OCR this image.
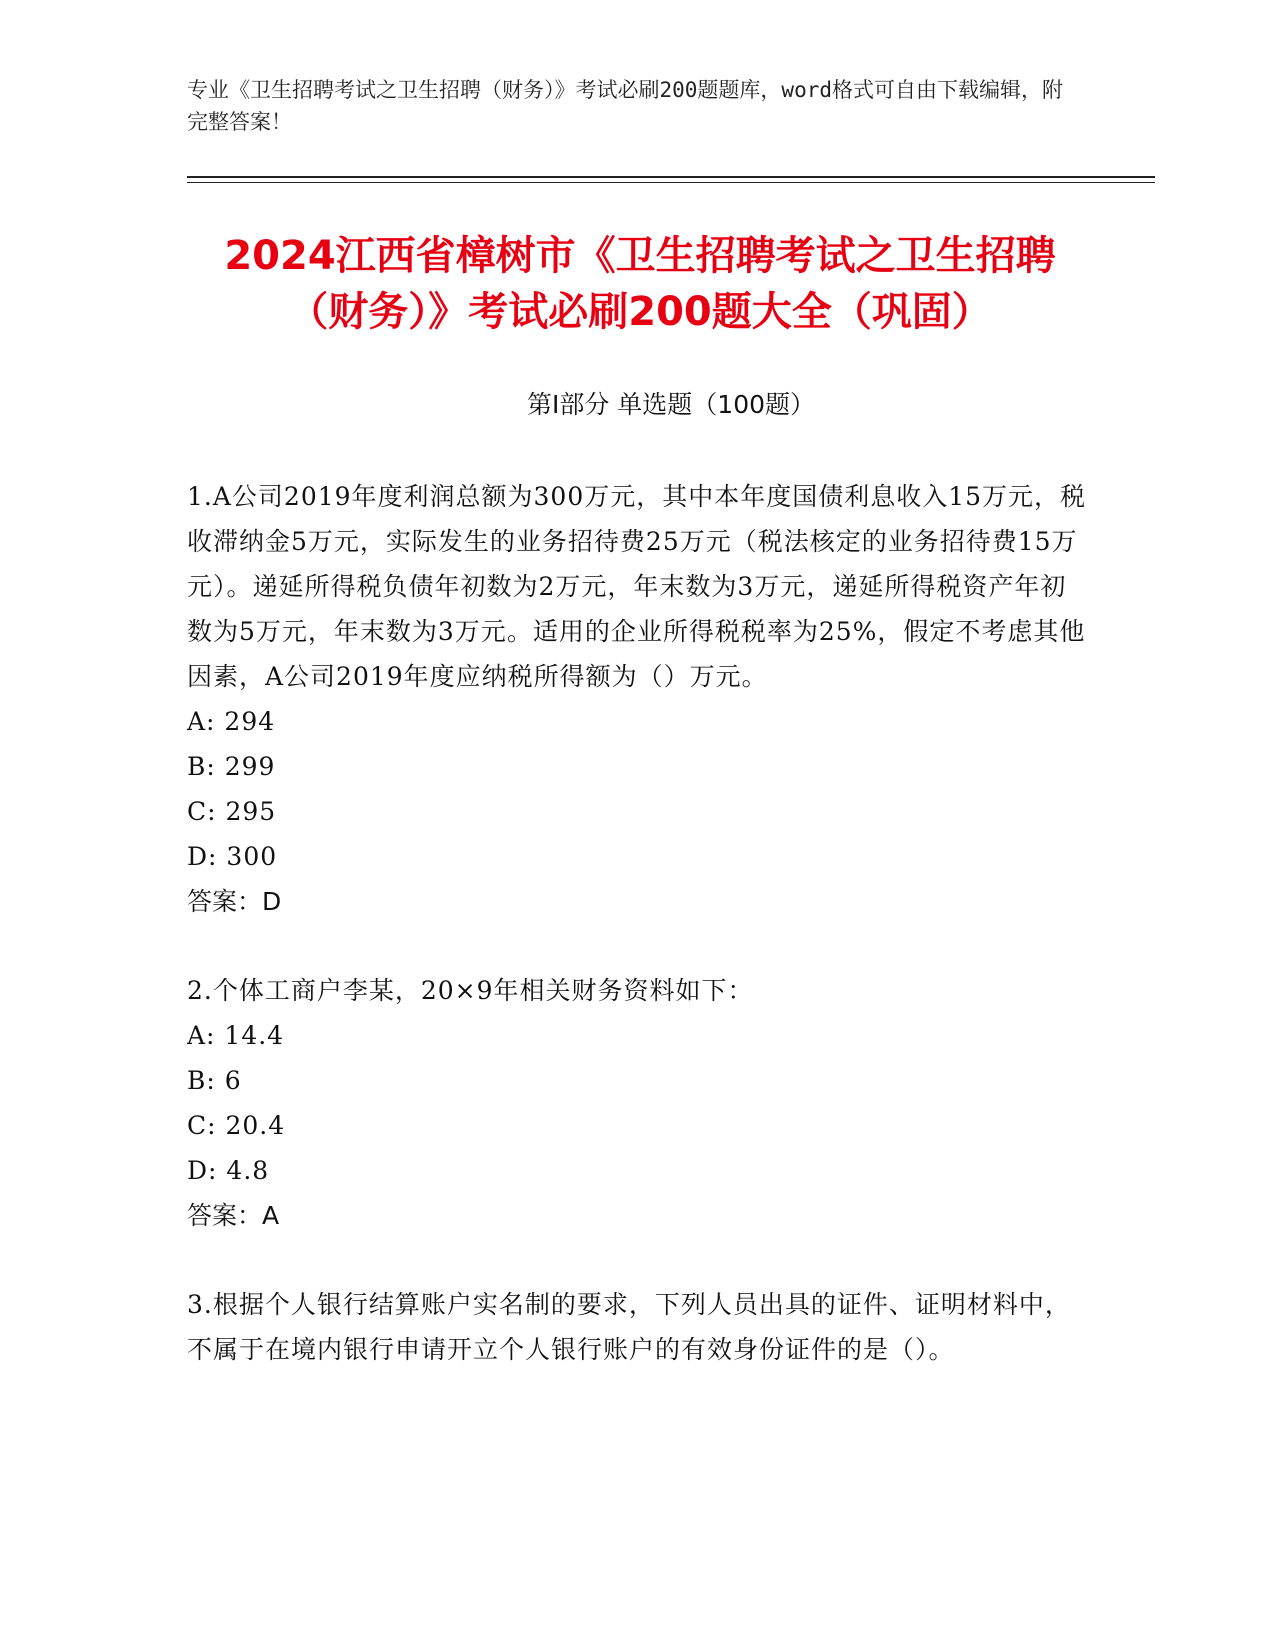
专业《卫生招聘考试之卫生招聘（财务）》考试必刷200题题库，word格式可自由下载编辑，附完整答案！
2024江西省樟树市《卫生招聘考试之卫生招聘（财务）》考试必刷200题大全（巩固）
第Ⅰ部分 单选题（100题）

1.A公司2019年度利润总额为300万元，其中本年度国债利息收入15万元，税收滞纳金5万元，实际发生的业务招待费25万元（税法核定的业务招待费15万元）。递延所得税负债年初数为2万元，年末数为3万元，递延所得税资产年初数为5万元，年末数为3万元。适用的企业所得税税率为25%，假定不考虑其他因素，A公司2019年度应纳税所得额为（）万元。

A: 294

B: 299

C: 295

D: 300

答案：D

2.个体工商户李某，20×9年相关财务资料如下：

A: 14.4

B: 6

C: 20.4

D: 4.8

答案：A

3.根据个人银行结算账户实名制的要求，下列人员出具的证件、证明材料中，不属于在境内银行申请开立个人银行账户的有效身份证件的是（）。
